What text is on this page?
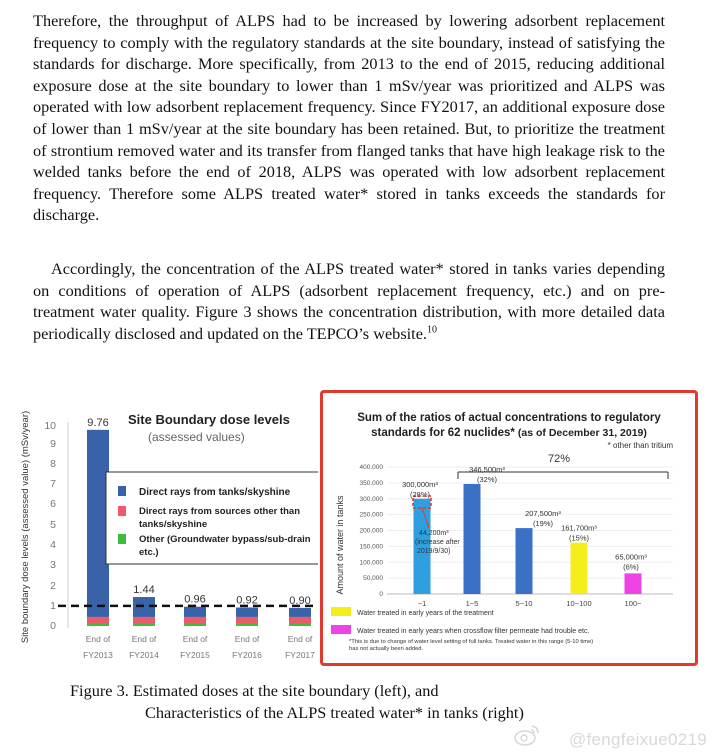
Therefore, the throughput of ALPS had to be increased by lowering adsorbent replacement frequency to comply with the regulatory standards at the site boundary, instead of satisfying the standards for discharge. More specifically, from 2013 to the end of 2015, reducing additional exposure dose at the site boundary to lower than 1 mSv/year was prioritized and ALPS was operated with low adsorbent replacement frequency. Since FY2017, an additional exposure dose of lower than 1 mSv/year at the site boundary has been retained. But, to prioritize the treatment of strontium removed water and its transfer from flanged tanks that have high leakage risk to the welded tanks before the end of 2018, ALPS was operated with low adsorbent replacement frequency. Therefore some ALPS treated water* stored in tanks exceeds the standards for discharge.

Accordingly, the concentration of the ALPS treated water* stored in tanks varies depending on conditions of operation of ALPS (adsorbent replacement frequency, etc.) and on pre-treatment water quality. Figure 3 shows the concentration distribution, with more detailed data periodically disclosed and updated on the TEPCO’s website.$^{10}$

0
1
2
3
4
5
6
7
8
9
10
Site boundary dose levels (assessed value) (mSv/year)	Site Boundary dose levels
(assessed values)
9.76
End of FY2013
1.44
End of FY2014
0.96
End of FY2015
0.92
End of FY2016
0.90
End of FY2017
Direct rays from tanks/skyshine
Direct rays from sources other than tanks/skyshine
Other (Groundwater bypass/sub-drain etc.)
Sum of the ratios of actual concentrations to regulatory
standards for 62 nuclides* (as of December 31, 2019)
* other than tritium
Amount of water in tanks	0
50,000
100,000
150,000
200,000
250,000
300,000
350,000
400,000
72%
300,000m³ (28%)
~1
346,500m³ (32%)
1~5
207,500m³ (19%)
5~10
161,700m³ (15%)
10~100
65,000m³ (6%)
100~
44,200m³ (increase after 2019/9/30)
Water treated in early years of the treatment
Water treated in early years when crossflow filter permeate had trouble etc.
*This is due to change of water level setting of full tanks. Treated water in this range (5-10 time) has not actually been added.
Figure 3. Estimated doses at the site boundary (left), and
Characteristics of the ALPS treated water* in tanks (right)
@fengfeixue0219
